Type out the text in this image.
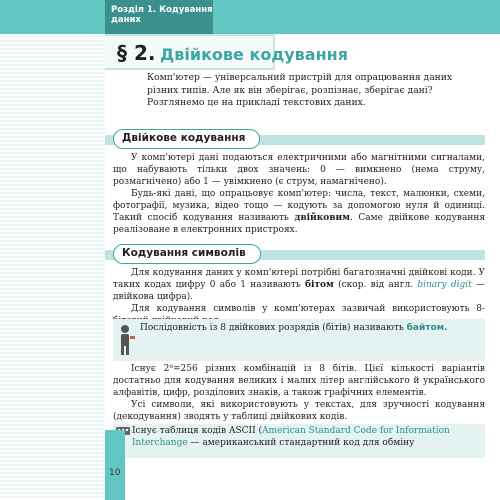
Розділ 1. Кодування даних
§ 2. Двійкове кодування

Комп'ютер — універсальний пристрій для опрацювання даних

різних типів. Але як він зберігає, розпізнає, зберігає дані?

Розглянемо це на прикладі текстових даних.

Двійкове кодування

У комп'ютері дані подаються електричними або магнітними сигналами, що набувають тільки двох значень: 0 — вимкнено (нема струму, розмагнічено) або 1 — увімкнено (є струм, намагнічено).

Будь-які дані, що опрацьовує комп'ютер: числа, текст, малюнки, схеми, фотографії, музика, відео тощо — кодують за допомогою нуля й одиниці. Такий спосіб кодування називають двійковим. Саме двійкове кодування реалізоване в електронних пристроях.

Кодування символів

Для кодування даних у комп'ютері потрібні багатозначні двійкові коди. У таких кодах цифру 0 або 1 називають бітом (скор. від англ. binary digit — двійкова цифра).

Для кодування символів у комп'ютерах зазвичай використовують 8-

Послідовність із 8 двійкових розрядів (бітів) називають байтом.

Існує 2⁸=256 різних комбінацій із 8 бітів. Цієї кількості варіантів достатньо для кодування великих і малих літер англійського й українського алфавітів, цифр, розділових знаків, а також графічних елементів.

Усі символи, які використовують у текстах, для зручності кодування (декодування) зводять у таблиці двійкових кодів.

Існує таблиця кодів ASCII (American Standard Code for Information Interchange — американський стандартний код для обміну
10
